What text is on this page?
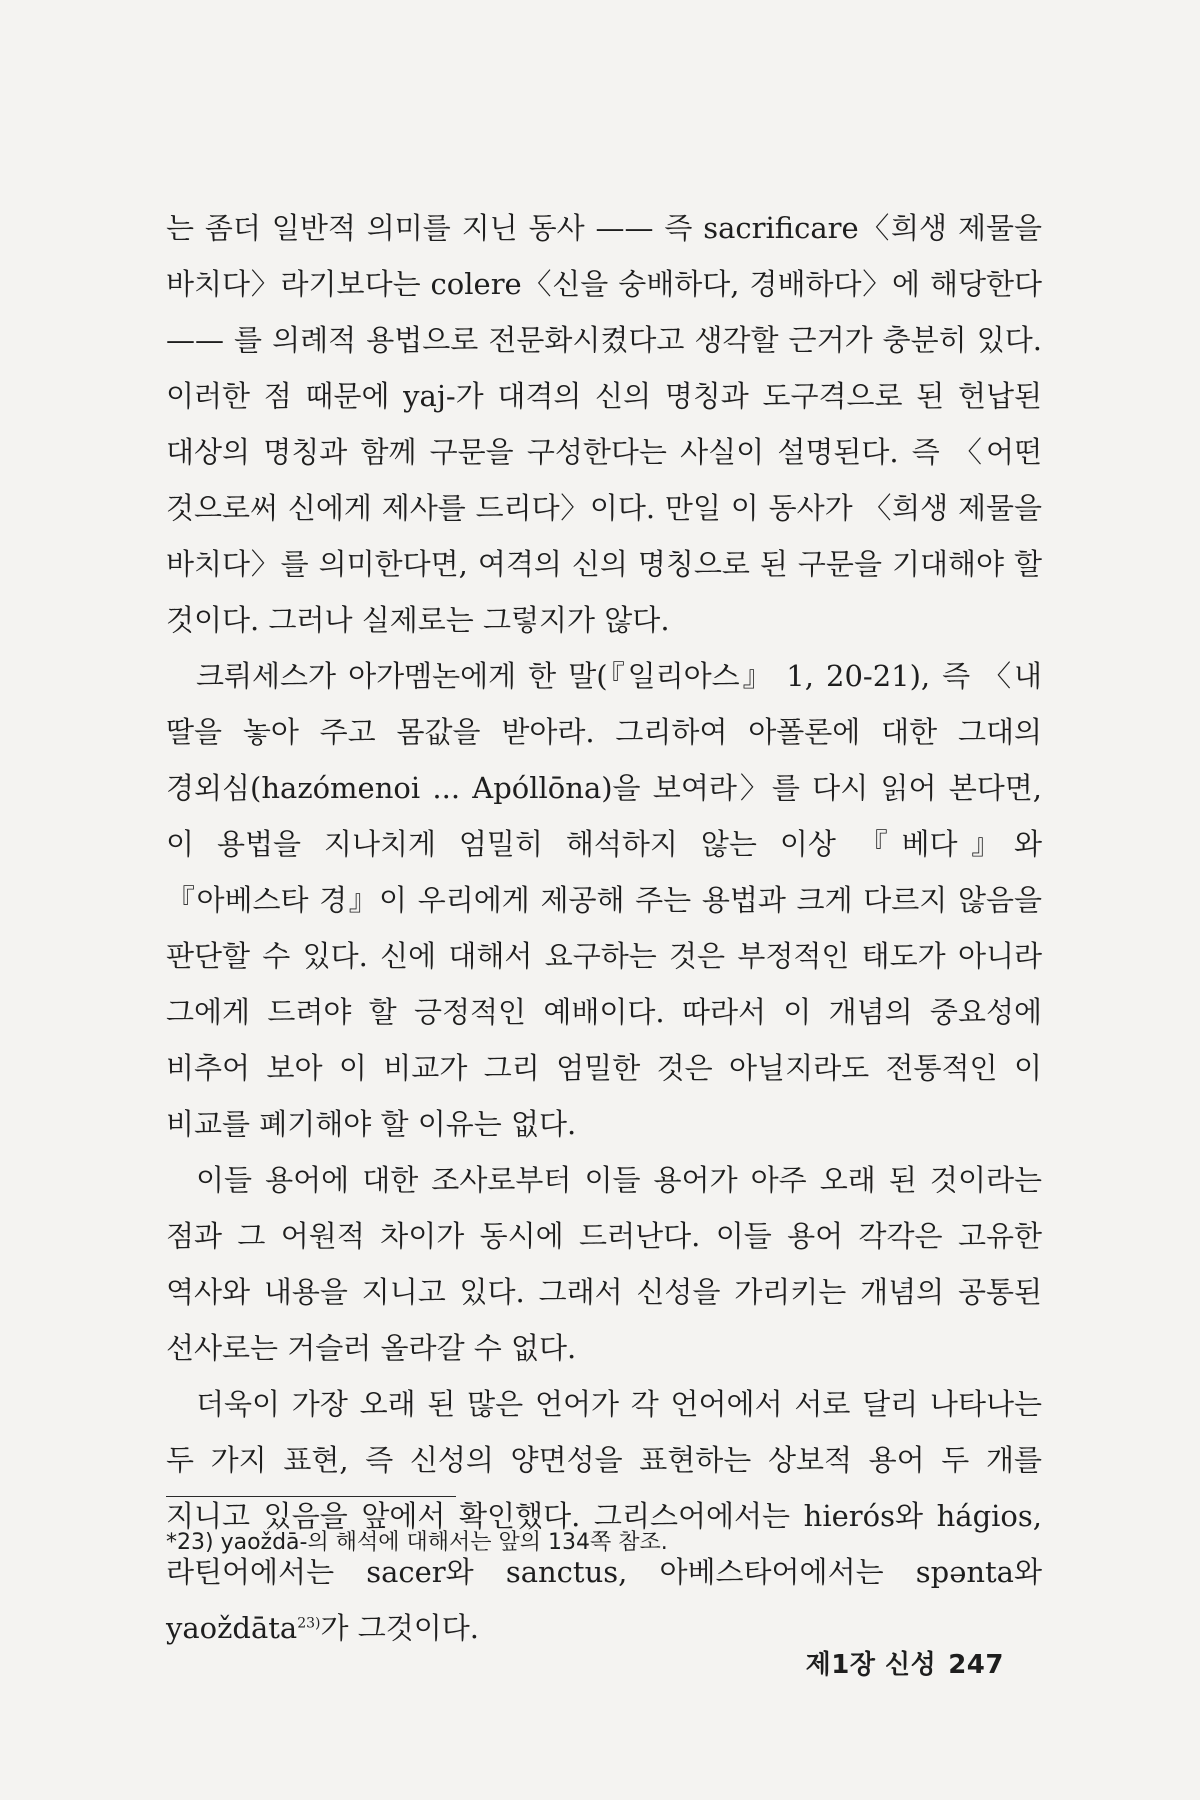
는 좀더 일반적 의미를 지닌 동사 —— 즉 sacrificare〈희생 제물을 바치다〉라기보다는 colere〈신을 숭배하다, 경배하다〉에 해당한다 —— 를 의례적 용법으로 전문화시켰다고 생각할 근거가 충분히 있다. 이러한 점 때문에 yaj-가 대격의 신의 명칭과 도구격으로 된 헌납된 대상의 명칭과 함께 구문을 구성한다는 사실이 설명된다. 즉 〈어떤 것으로써 신에게 제사를 드리다〉이다. 만일 이 동사가 〈희생 제물을 바치다〉를 의미한다면, 여격의 신의 명칭으로 된 구문을 기대해야 할 것이다. 그러나 실제로는 그렇지가 않다.

크뤼세스가 아가멤논에게 한 말(『일리아스』 1, 20-21), 즉 〈내 딸을 놓아 주고 몸값을 받아라. 그리하여 아폴론에 대한 그대의 경외심(hazómenoi ... Apóllōna)을 보여라〉를 다시 읽어 본다면, 이 용법을 지나치게 엄밀히 해석하지 않는 이상 『베다』와 『아베스타 경』이 우리에게 제공해 주는 용법과 크게 다르지 않음을 판단할 수 있다. 신에 대해서 요구하는 것은 부정적인 태도가 아니라 그에게 드려야 할 긍정적인 예배이다. 따라서 이 개념의 중요성에 비추어 보아 이 비교가 그리 엄밀한 것은 아닐지라도 전통적인 이 비교를 폐기해야 할 이유는 없다.

이들 용어에 대한 조사로부터 이들 용어가 아주 오래 된 것이라는 점과 그 어원적 차이가 동시에 드러난다. 이들 용어 각각은 고유한 역사와 내용을 지니고 있다. 그래서 신성을 가리키는 개념의 공통된 선사로는 거슬러 올라갈 수 없다.

더욱이 가장 오래 된 많은 언어가 각 언어에서 서로 달리 나타나는 두 가지 표현, 즉 신성의 양면성을 표현하는 상보적 용어 두 개를 지니고 있음을 앞에서 확인했다. 그리스어에서는 hierós와 hágios, 라틴어에서는 sacer와 sanctus, 아베스타어에서는 spənta와 yaoždāta$^{23)}$가 그것이다.

*23) yaoždā-의 해석에 대해서는 앞의 134쪽 참조.

제1장 신성 247
